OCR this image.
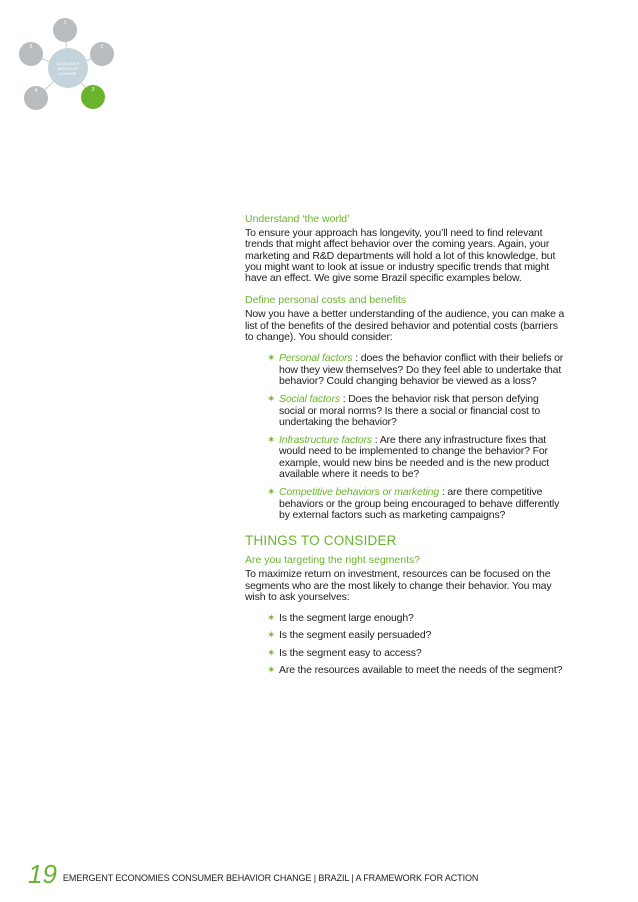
CONSUMER BEHAVIOR CHANGE
1
2
3
4
5

Understand ‘the world’

To ensure your approach has longevity, you’ll need to find relevant trends that might affect behavior over the coming years. Again, your marketing and R&D departments will hold a lot of this knowledge, but you might want to look at issue or industry specific trends that might have an effect. We give some Brazil specific examples below.

Define personal costs and benefits

Now you have a better understanding of the audience, you can make a list of the benefits of the desired behavior and potential costs (barriers to change). You should consider:

✶ Personal factors : does the behavior conflict with their beliefs or how they view themselves? Do they feel able to undertake that behavior? Could changing behavior be viewed as a loss?
✶ Social factors : Does the behavior risk that person defying social or moral norms? Is there a social or financial cost to undertaking the behavior?
✶ Infrastructure factors : Are there any infrastructure fixes that would need to be implemented to change the behavior? For example, would new bins be needed and is the new product available where it needs to be?
✶ Competitive behaviors or marketing : are there competitive behaviors or the group being encouraged to behave differently by external factors such as marketing campaigns?

THINGS TO CONSIDER

Are you targeting the right segments?

To maximize return on investment, resources can be focused on the segments who are the most likely to change their behavior. You may wish to ask yourselves:

✶ Is the segment large enough?
✶ Is the segment easily persuaded?
✶ Is the segment easy to access?
✶ Are the resources available to meet the needs of the segment?
19 EMERGENT ECONOMIES CONSUMER BEHAVIOR CHANGE | BRAZIL | A FRAMEWORK FOR ACTION
